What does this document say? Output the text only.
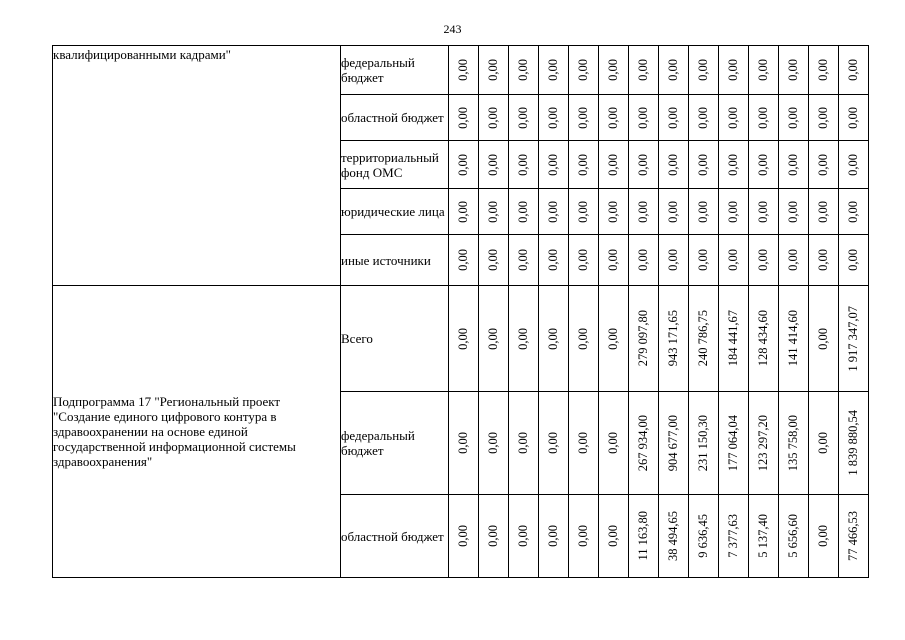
243
квалифицированными кадрами"	федеральный бюджет	0,00	0,00	0,00	0,00	0,00	0,00	0,00	0,00	0,00	0,00	0,00	0,00	0,00	0,00

	областной бюджет	0,00	0,00	0,00	0,00	0,00	0,00	0,00	0,00	0,00	0,00	0,00	0,00	0,00	0,00

	территориальный фонд ОМС	0,00	0,00	0,00	0,00	0,00	0,00	0,00	0,00	0,00	0,00	0,00	0,00	0,00	0,00

	юридические лица	0,00	0,00	0,00	0,00	0,00	0,00	0,00	0,00	0,00	0,00	0,00	0,00	0,00	0,00

	иные источники	0,00	0,00	0,00	0,00	0,00	0,00	0,00	0,00	0,00	0,00	0,00	0,00	0,00	0,00

Подпрограмма 17 "Региональный проект "Создание единого цифрового контура в здравоохранении на основе единой государственной информационной системы здравоохранения"	Всего	0,00	0,00	0,00	0,00	0,00	0,00	279 097,80	943 171,65	240 786,75	184 441,67	128 434,60	141 414,60	0,00	1 917 347,07

	федеральный бюджет	0,00	0,00	0,00	0,00	0,00	0,00	267 934,00	904 677,00	231 150,30	177 064,04	123 297,20	135 758,00	0,00	1 839 880,54

	областной бюджет	0,00	0,00	0,00	0,00	0,00	0,00	11 163,80	38 494,65	9 636,45	7 377,63	5 137,40	5 656,60	0,00	77 466,53
